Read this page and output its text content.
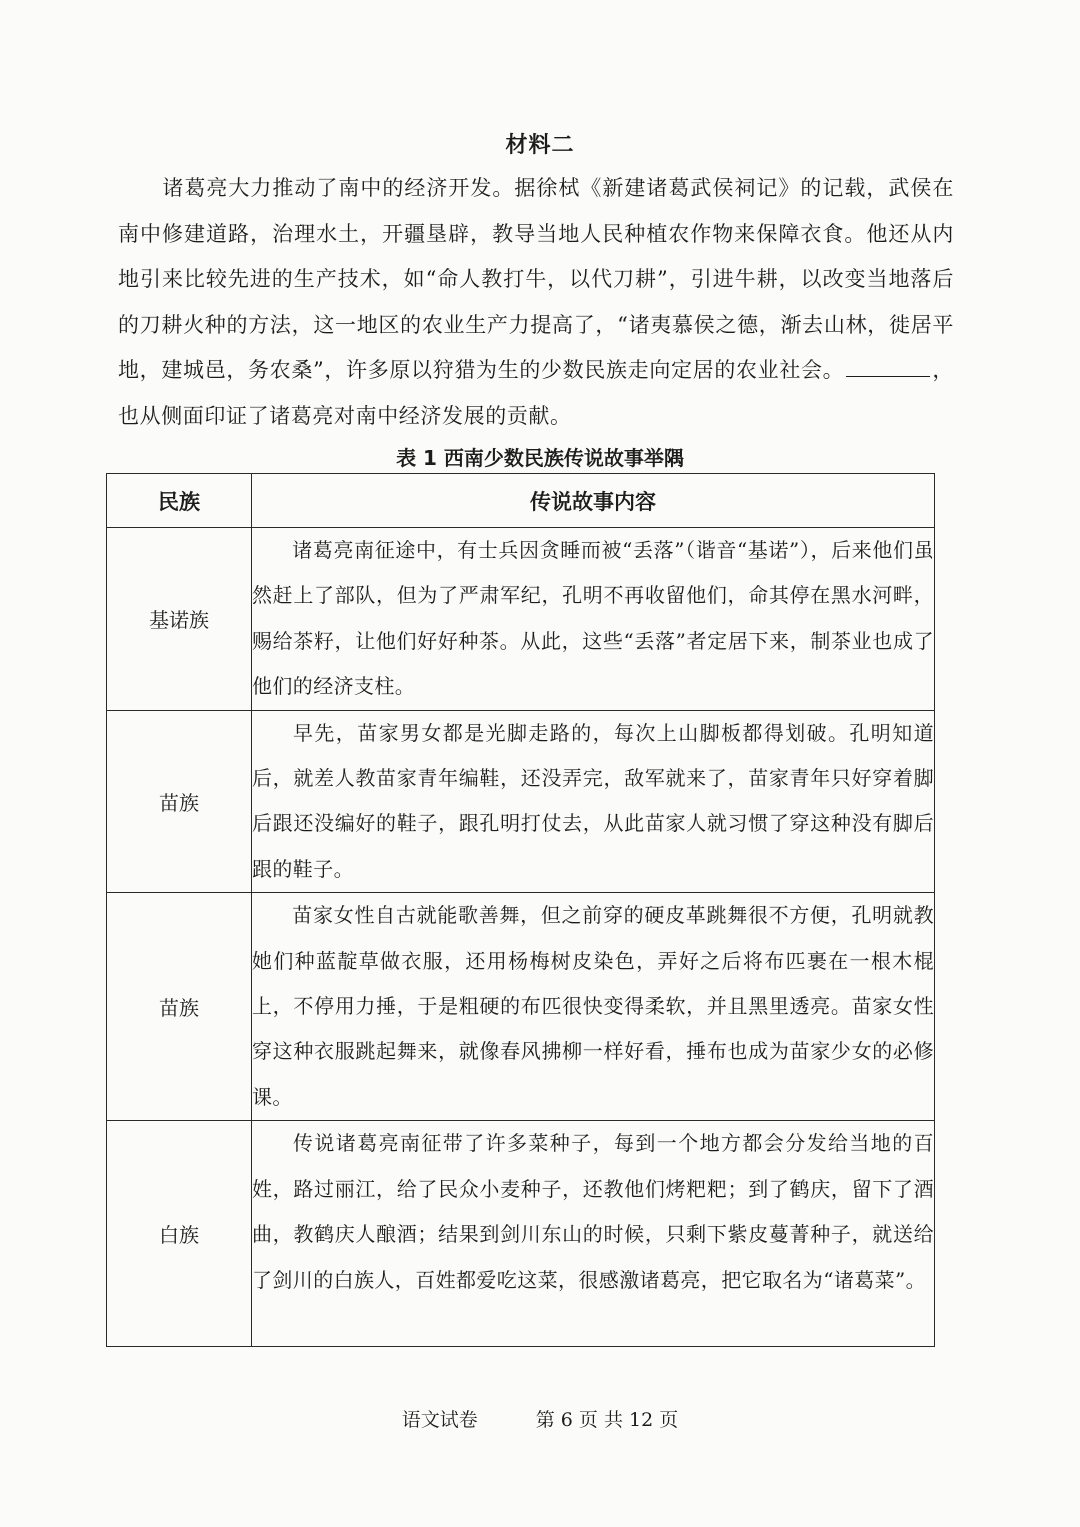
材料二

诸葛亮大力推动了南中的经济开发。据徐栻《新建诸葛武侯祠记》的记载，武侯在南中修建道路，治理水土，开疆垦辟，教导当地人民种植农作物来保障衣食。他还从内地引来比较先进的生产技术，如“命人教打牛，以代刀耕”，引进牛耕，以改变当地落后的刀耕火种的方法，这一地区的农业生产力提高了，“诸夷慕侯之德，渐去山林，徙居平地，建城邑，务农桑”，许多原以狩猎为生的少数民族走向定居的农业社会。	，也从侧面印证了诸葛亮对南中经济发展的贡献。

表 1 西南少数民族传说故事举隅
民族	传说故事内容
基诺族	诸葛亮南征途中，有士兵因贪睡而被“丢落”（谐音“基诺”），后来他们虽然赶上了部队，但为了严肃军纪，孔明不再收留他们，命其停在黑水河畔，赐给茶籽，让他们好好种茶。从此，这些“丢落”者定居下来，制茶业也成了他们的经济支柱。
苗族	早先，苗家男女都是光脚走路的，每次上山脚板都得划破。孔明知道后，就差人教苗家青年编鞋，还没弄完，敌军就来了，苗家青年只好穿着脚后跟还没编好的鞋子，跟孔明打仗去，从此苗家人就习惯了穿这种没有脚后跟的鞋子。
苗族	苗家女性自古就能歌善舞，但之前穿的硬皮革跳舞很不方便，孔明就教她们种蓝靛草做衣服，还用杨梅树皮染色，弄好之后将布匹裹在一根木棍上，不停用力捶，于是粗硬的布匹很快变得柔软，并且黑里透亮。苗家女性穿这种衣服跳起舞来，就像春风拂柳一样好看，捶布也成为苗家少女的必修课。
白族	传说诸葛亮南征带了许多菜种子，每到一个地方都会分发给当地的百姓，路过丽江，给了民众小麦种子，还教他们烤粑粑；到了鹤庆，留下了酒曲，教鹤庆人酿酒；结果到剑川东山的时候，只剩下紫皮蔓菁种子，就送给了剑川的白族人，百姓都爱吃这菜，很感激诸葛亮，把它取名为“诸葛菜”。
语文试卷	第 6 页 共 12 页
